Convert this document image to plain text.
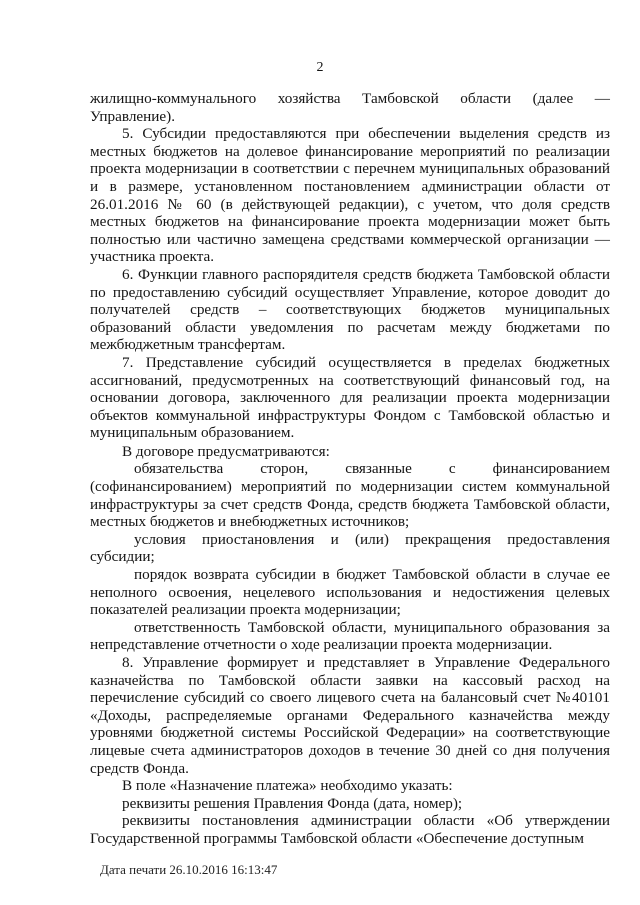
2

жилищно-коммунального хозяйства Тамбовской области (далее — Управление).

5. Субсидии предоставляются при обеспечении выделения средств из местных бюджетов на долевое финансирование мероприятий по реализации проекта модернизации в соответствии с перечнем муниципальных образований и в размере, установленном постановлением администрации области от 26.01.2016 № 60 (в действующей редакции), с учетом, что доля средств местных бюджетов на финансирование проекта модернизации может быть полностью или частично замещена средствами коммерческой организации — участника проекта.

6. Функции главного распорядителя средств бюджета Тамбовской области по предоставлению субсидий осуществляет Управление, которое доводит до получателей средств – соответствующих бюджетов муниципальных образований области уведомления по расчетам между бюджетами по межбюджетным трансфертам.

7. Представление субсидий осуществляется в пределах бюджетных ассигнований, предусмотренных на соответствующий финансовый год, на основании договора, заключенного для реализации проекта модернизации объектов коммунальной инфраструктуры Фондом с Тамбовской областью и муниципальным образованием.

В договоре предусматриваются:

обязательства сторон, связанные с финансированием (софинансированием) мероприятий по модернизации систем коммунальной инфраструктуры за счет средств Фонда, средств бюджета Тамбовской области, местных бюджетов и внебюджетных источников;

условия приостановления и (или) прекращения предоставления субсидии;

порядок возврата субсидии в бюджет Тамбовской области в случае ее неполного освоения, нецелевого использования и недостижения целевых показателей реализации проекта модернизации;

ответственность Тамбовской области, муниципального образования за непредставление отчетности о ходе реализации проекта модернизации.

8. Управление формирует и представляет в Управление Федерального казначейства по Тамбовской области заявки на кассовый расход на перечисление субсидий со своего лицевого счета на балансовый счет №40101 «Доходы, распределяемые органами Федерального казначейства между уровнями бюджетной системы Российской Федерации» на соответствующие лицевые счета администраторов доходов в течение 30 дней со дня получения средств Фонда.

В поле «Назначение платежа» необходимо указать:

реквизиты решения Правления Фонда (дата, номер);

реквизиты постановления администрации области «Об утверждении Государственной программы Тамбовской области «Обеспечение доступным

Дата печати 26.10.2016 16:13:47
